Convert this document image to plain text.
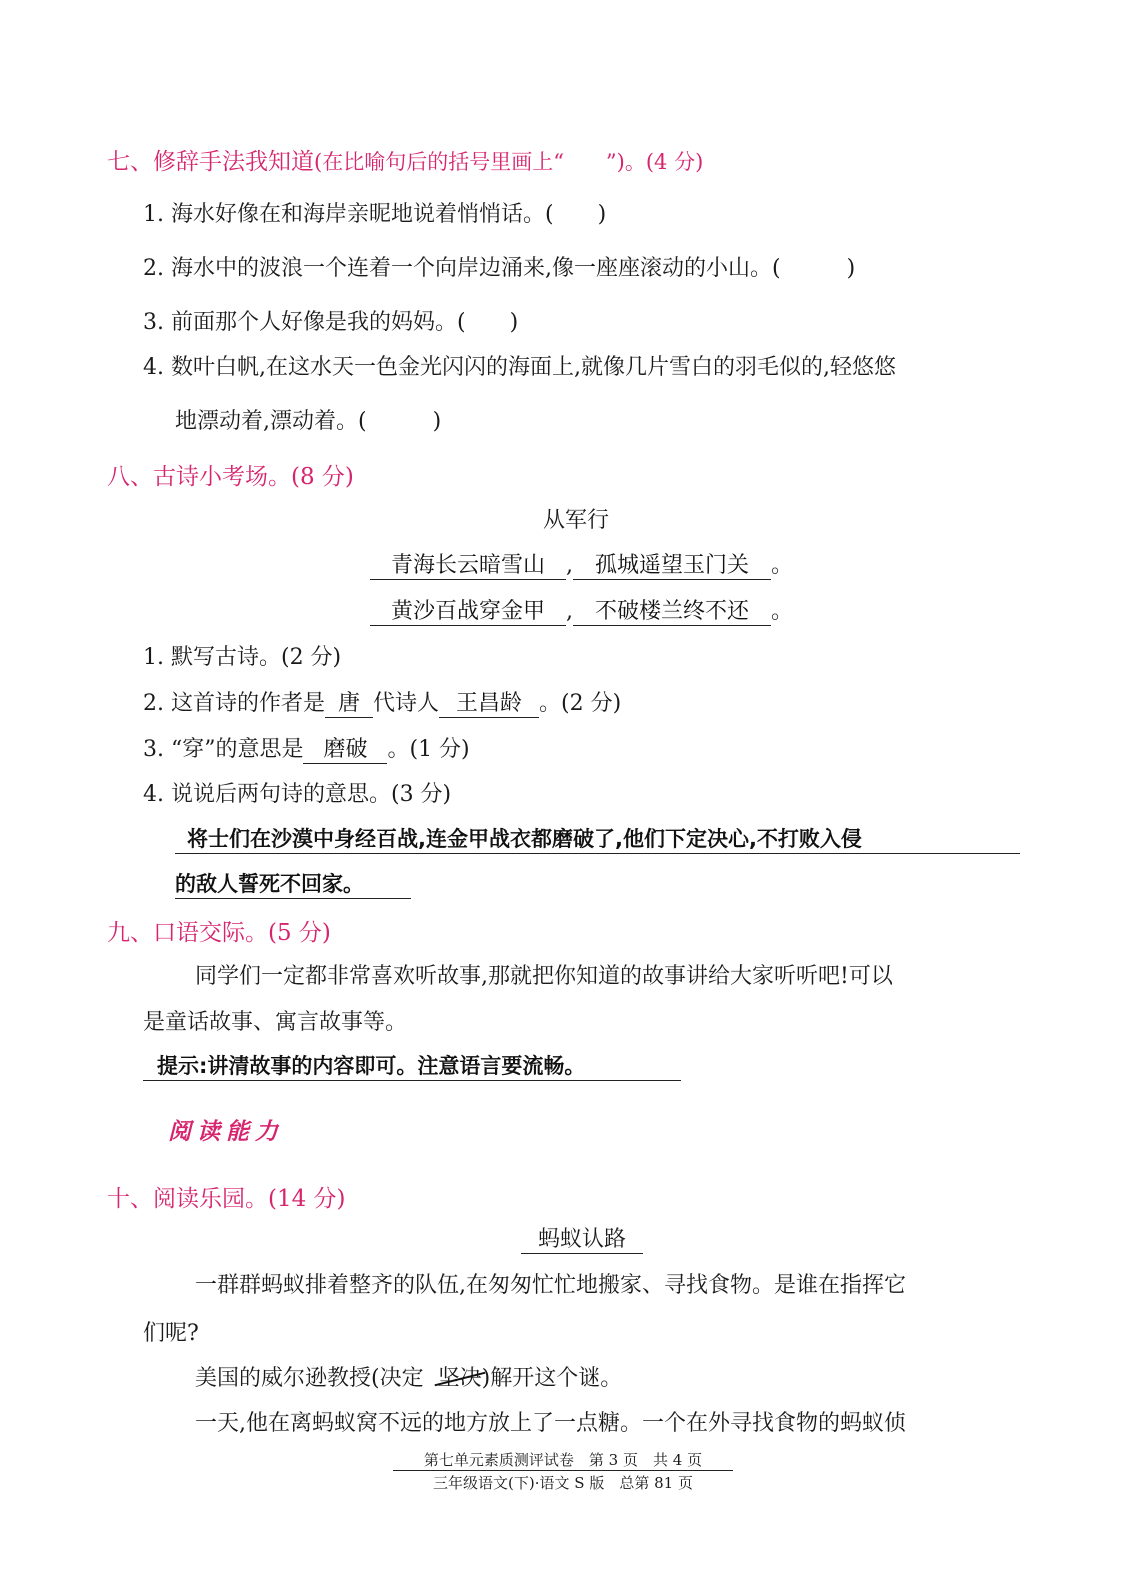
七、修辞手法我知道(在比喻句后的括号里画上“　　”)。(4 分)
1. 海水好像在和海岸亲昵地说着悄悄话。(　　)
2. 海水中的波浪一个连着一个向岸边涌来,像一座座滚动的小山。(　　　)
3. 前面那个人好像是我的妈妈。(　　)
4. 数叶白帆,在这水天一色金光闪闪的海面上,就像几片雪白的羽毛似的,轻悠悠
地漂动着,漂动着。(　　　)
八、古诗小考场。(8 分)
从军行
青海长云暗雪山 , 孤城遥望玉门关 。
黄沙百战穿金甲 , 不破楼兰终不还 。
1. 默写古诗。(2 分)
2. 这首诗的作者是 唐 代诗人 王昌龄 。(2 分)
3. “穿”的意思是 磨破 。(1 分)
4. 说说后两句诗的意思。(3 分)
将士们在沙漠中身经百战,连金甲战衣都磨破了,他们下定决心,不打败入侵
的敌人誓死不回家。
九、口语交际。(5 分)
同学们一定都非常喜欢听故事,那就把你知道的故事讲给大家听听吧!可以
是童话故事、寓言故事等。
提示:讲清故事的内容即可。注意语言要流畅。
阅读能力
十、阅读乐园。(14 分)
蚂蚁认路
一群群蚂蚁排着整齐的队伍,在匆匆忙忙地搬家、寻找食物。是谁在指挥它
们呢?
美国的威尔逊教授(决定 坚决)解开这个谜。
一天,他在离蚂蚁窝不远的地方放上了一点糖。一个在外寻找食物的蚂蚁侦
第七单元素质测评试卷　第 3 页　共 4 页
三年级语文(下)·语文 S 版　总第 81 页
